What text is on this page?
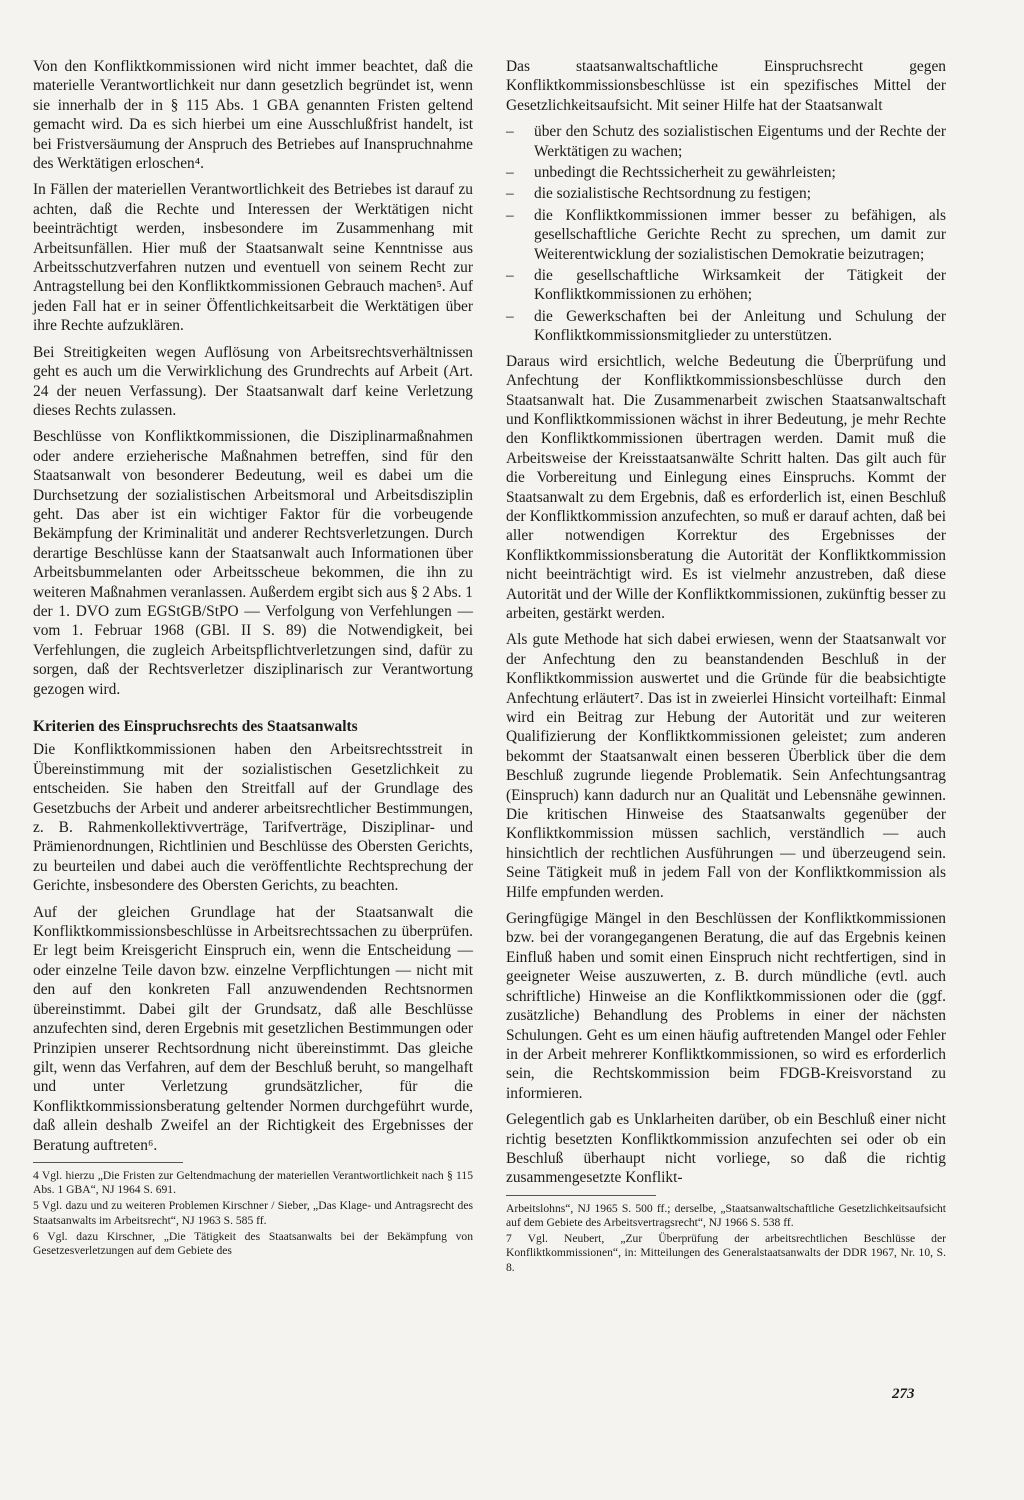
Von den Konfliktkommissionen wird nicht immer beachtet, daß die materielle Verantwortlichkeit nur dann gesetzlich begründet ist, wenn sie innerhalb der in § 115 Abs. 1 GBA genannten Fristen geltend gemacht wird. Da es sich hierbei um eine Ausschlußfrist handelt, ist bei Fristversäumung der Anspruch des Betriebes auf Inanspruchnahme des Werktätigen erloschen⁴.

In Fällen der materiellen Verantwortlichkeit des Betriebes ist darauf zu achten, daß die Rechte und Interessen der Werktätigen nicht beeinträchtigt werden, insbesondere im Zusammenhang mit Arbeitsunfällen. Hier muß der Staatsanwalt seine Kenntnisse aus Arbeitsschutzverfahren nutzen und eventuell von seinem Recht zur Antragstellung bei den Konfliktkommissionen Gebrauch machen⁵. Auf jeden Fall hat er in seiner Öffentlichkeitsarbeit die Werktätigen über ihre Rechte aufzuklären.

Bei Streitigkeiten wegen Auflösung von Arbeitsrechtsverhältnissen geht es auch um die Verwirklichung des Grundrechts auf Arbeit (Art. 24 der neuen Verfassung). Der Staatsanwalt darf keine Verletzung dieses Rechts zulassen.

Beschlüsse von Konfliktkommissionen, die Disziplinarmaßnahmen oder andere erzieherische Maßnahmen betreffen, sind für den Staatsanwalt von besonderer Bedeutung, weil es dabei um die Durchsetzung der sozialistischen Arbeitsmoral und Arbeitsdisziplin geht. Das aber ist ein wichtiger Faktor für die vorbeugende Bekämpfung der Kriminalität und anderer Rechtsverletzungen. Durch derartige Beschlüsse kann der Staatsanwalt auch Informationen über Arbeitsbummelanten oder Arbeitsscheue bekommen, die ihn zu weiteren Maßnahmen veranlassen. Außerdem ergibt sich aus § 2 Abs. 1 der 1. DVO zum EGStGB/StPO — Verfolgung von Verfehlungen — vom 1. Februar 1968 (GBl. II S. 89) die Notwendigkeit, bei Verfehlungen, die zugleich Arbeitspflichtverletzungen sind, dafür zu sorgen, daß der Rechtsverletzer disziplinarisch zur Verantwortung gezogen wird.

Kriterien des Einspruchsrechts des Staatsanwalts

Die Konfliktkommissionen haben den Arbeitsrechtsstreit in Übereinstimmung mit der sozialistischen Gesetzlichkeit zu entscheiden. Sie haben den Streitfall auf der Grundlage des Gesetzbuchs der Arbeit und anderer arbeitsrechtlicher Bestimmungen, z. B. Rahmenkollektivverträge, Tarifverträge, Disziplinar- und Prämienordnungen, Richtlinien und Beschlüsse des Obersten Gerichts, zu beurteilen und dabei auch die veröffentlichte Rechtsprechung der Gerichte, insbesondere des Obersten Gerichts, zu beachten.

Auf der gleichen Grundlage hat der Staatsanwalt die Konfliktkommissionsbeschlüsse in Arbeitsrechtssachen zu überprüfen. Er legt beim Kreisgericht Einspruch ein, wenn die Entscheidung — oder einzelne Teile davon bzw. einzelne Verpflichtungen — nicht mit den auf den konkreten Fall anzuwendenden Rechtsnormen übereinstimmt. Dabei gilt der Grundsatz, daß alle Beschlüsse anzufechten sind, deren Ergebnis mit gesetzlichen Bestimmungen oder Prinzipien unserer Rechtsordnung nicht übereinstimmt. Das gleiche gilt, wenn das Verfahren, auf dem der Beschluß beruht, so mangelhaft und unter Verletzung grundsätzlicher, für die Konfliktkommissionsberatung geltender Normen durchgeführt wurde, daß allein deshalb Zweifel an der Richtigkeit des Ergebnisses der Beratung auftreten⁶.

4 Vgl. hierzu „Die Fristen zur Geltendmachung der materiellen Verantwortlichkeit nach § 115 Abs. 1 GBA“, NJ 1964 S. 691.

5 Vgl. dazu und zu weiteren Problemen Kirschner / Sieber, „Das Klage- und Antragsrecht des Staatsanwalts im Arbeitsrecht“, NJ 1963 S. 585 ff.

6 Vgl. dazu Kirschner, „Die Tätigkeit des Staatsanwalts bei der Bekämpfung von Gesetzesverletzungen auf dem Gebiete des

Das staatsanwaltschaftliche Einspruchsrecht gegen Konfliktkommissionsbeschlüsse ist ein spezifisches Mittel der Gesetzlichkeitsaufsicht. Mit seiner Hilfe hat der Staatsanwalt

– über den Schutz des sozialistischen Eigentums und der Rechte der Werktätigen zu wachen;
– unbedingt die Rechtssicherheit zu gewährleisten;
– die sozialistische Rechtsordnung zu festigen;
– die Konfliktkommissionen immer besser zu befähigen, als gesellschaftliche Gerichte Recht zu sprechen, um damit zur Weiterentwicklung der sozialistischen Demokratie beizutragen;
– die gesellschaftliche Wirksamkeit der Tätigkeit der Konfliktkommissionen zu erhöhen;
– die Gewerkschaften bei der Anleitung und Schulung der Konfliktkommissionsmitglieder zu unterstützen.

Daraus wird ersichtlich, welche Bedeutung die Überprüfung und Anfechtung der Konfliktkommissionsbeschlüsse durch den Staatsanwalt hat. Die Zusammenarbeit zwischen Staatsanwaltschaft und Konfliktkommissionen wächst in ihrer Bedeutung, je mehr Rechte den Konfliktkommissionen übertragen werden. Damit muß die Arbeitsweise der Kreisstaatsanwälte Schritt halten. Das gilt auch für die Vorbereitung und Einlegung eines Einspruchs. Kommt der Staatsanwalt zu dem Ergebnis, daß es erforderlich ist, einen Beschluß der Konfliktkommission anzufechten, so muß er darauf achten, daß bei aller notwendigen Korrektur des Ergebnisses der Konfliktkommissionsberatung die Autorität der Konfliktkommission nicht beeinträchtigt wird. Es ist vielmehr anzustreben, daß diese Autorität und der Wille der Konfliktkommissionen, zukünftig besser zu arbeiten, gestärkt werden.

Als gute Methode hat sich dabei erwiesen, wenn der Staatsanwalt vor der Anfechtung den zu beanstandenden Beschluß in der Konfliktkommission auswertet und die Gründe für die beabsichtigte Anfechtung erläutert⁷. Das ist in zweierlei Hinsicht vorteilhaft: Einmal wird ein Beitrag zur Hebung der Autorität und zur weiteren Qualifizierung der Konfliktkommissionen geleistet; zum anderen bekommt der Staatsanwalt einen besseren Überblick über die dem Beschluß zugrunde liegende Problematik. Sein Anfechtungsantrag (Einspruch) kann dadurch nur an Qualität und Lebensnähe gewinnen. Die kritischen Hinweise des Staatsanwalts gegenüber der Konfliktkommission müssen sachlich, verständlich — auch hinsichtlich der rechtlichen Ausführungen — und überzeugend sein. Seine Tätigkeit muß in jedem Fall von der Konfliktkommission als Hilfe empfunden werden.

Geringfügige Mängel in den Beschlüssen der Konfliktkommissionen bzw. bei der vorangegangenen Beratung, die auf das Ergebnis keinen Einfluß haben und somit einen Einspruch nicht rechtfertigen, sind in geeigneter Weise auszuwerten, z. B. durch mündliche (evtl. auch schriftliche) Hinweise an die Konfliktkommissionen oder die (ggf. zusätzliche) Behandlung des Problems in einer der nächsten Schulungen. Geht es um einen häufig auftretenden Mangel oder Fehler in der Arbeit mehrerer Konfliktkommissionen, so wird es erforderlich sein, die Rechtskommission beim FDGB-Kreisvorstand zu informieren.

Gelegentlich gab es Unklarheiten darüber, ob ein Beschluß einer nicht richtig besetzten Konfliktkommission anzufechten sei oder ob ein Beschluß überhaupt nicht vorliege, so daß die richtig zusammengesetzte Konflikt-

Arbeitslohns“, NJ 1965 S. 500 ff.; derselbe, „Staatsanwaltschaftliche Gesetzlichkeitsaufsicht auf dem Gebiete des Arbeitsvertragsrecht“, NJ 1966 S. 538 ff.

7 Vgl. Neubert, „Zur Überprüfung der arbeitsrechtlichen Beschlüsse der Konfliktkommissionen“, in: Mitteilungen des Generalstaatsanwalts der DDR 1967, Nr. 10, S. 8.

273
